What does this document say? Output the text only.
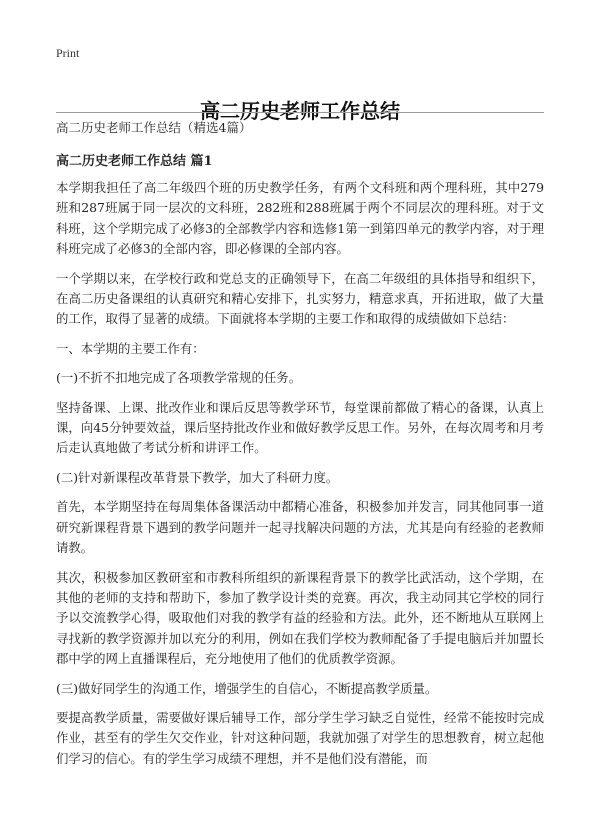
Print
高二历史老师工作总结

高二历史老师工作总结（精选4篇）

高二历史老师工作总结 篇1

本学期我担任了高二年级四个班的历史教学任务，有两个文科班和两个理科班，其中279班和287班属于同一层次的文科班，282班和288班属于两个不同层次的理科班。对于文科班，这个学期完成了必修3的全部教学内容和选修1第一到第四单元的教学内容，对于理科班完成了必修3的全部内容，即必修课的全部内容。

一个学期以来，在学校行政和党总支的正确领导下，在高二年级组的具体指导和组织下，在高二历史备课组的认真研究和精心安排下，扎实努力，精意求真，开拓进取，做了大量的工作，取得了显著的成绩。下面就将本学期的主要工作和取得的成绩做如下总结：

一、本学期的主要工作有：

(一)不折不扣地完成了各项教学常规的任务。

坚持备课、上课、批改作业和课后反思等教学环节，每堂课前都做了精心的备课，认真上课，向45分钟要效益，课后坚持批改作业和做好教学反思工作。另外，在每次周考和月考后走认真地做了考试分析和讲评工作。

(二)针对新课程改革背景下教学，加大了科研力度。

首先，本学期坚持在每周集体备课活动中都精心准备，积极参加并发言，同其他同事一道研究新课程背景下遇到的教学问题并一起寻找解决问题的方法，尤其是向有经验的老教师请教。

其次，积极参加区教研室和市教科所组织的新课程背景下的教学比武活动，这个学期，在其他的老师的支持和帮助下，参加了教学设计类的竞赛。再次，我主动同其它学校的同行予以交流教学心得，吸取他们对我的教学有益的经验和方法。此外，还不断地从互联网上寻找新的教学资源并加以充分的利用，例如在我们学校为教师配备了手提电脑后并加盟长郡中学的网上直播课程后，充分地使用了他们的优质教学资源。

(三)做好同学生的沟通工作，增强学生的自信心，不断提高教学质量。

要提高教学质量，需要做好课后辅导工作，部分学生学习缺乏自觉性，经常不能按时完成作业，甚至有的学生欠交作业，针对这种问题，我就加强了对学生的思想教育，树立起他们学习的信心。有的学生学习成绩不理想，并不是他们没有潜能，而
